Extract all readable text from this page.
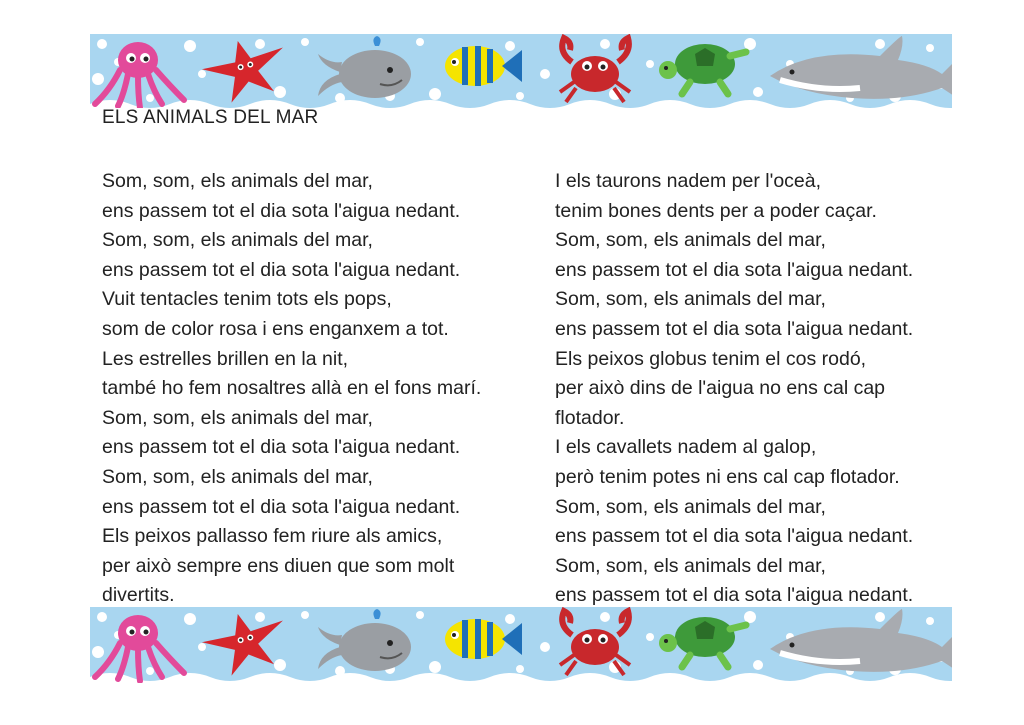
ELS ANIMALS DEL MAR
Som, som, els animals del mar,
ens passem tot el dia sota l'aigua nedant.
Som, som, els animals del mar,
ens passem tot el dia sota l'aigua nedant.
Vuit tentacles tenim tots els pops,
som de color rosa i ens enganxem a tot.
Les estrelles brillen en la nit,
també ho fem nosaltres allà en el fons marí.
Som, som, els animals del mar,
ens passem tot el dia sota l'aigua nedant.
Som, som, els animals del mar,
ens passem tot el dia sota l'aigua nedant.
Els peixos pallasso fem riure als amics,
per això sempre ens diuen que som molt
divertits.
I els taurons nadem per l'oceà,
tenim bones dents per a poder caçar.
Som, som, els animals del mar,
ens passem tot el dia sota l'aigua nedant.
Som, som, els animals del mar,
ens passem tot el dia sota l'aigua nedant.
Els peixos globus tenim el cos rodó,
per això dins de l'aigua no ens cal cap
flotador.
I els cavallets nadem al galop,
però tenim potes ni ens cal cap flotador.
Som, som, els animals del mar,
ens passem tot el dia sota l'aigua nedant.
Som, som, els animals del mar,
ens passem tot el dia sota l'aigua nedant.
